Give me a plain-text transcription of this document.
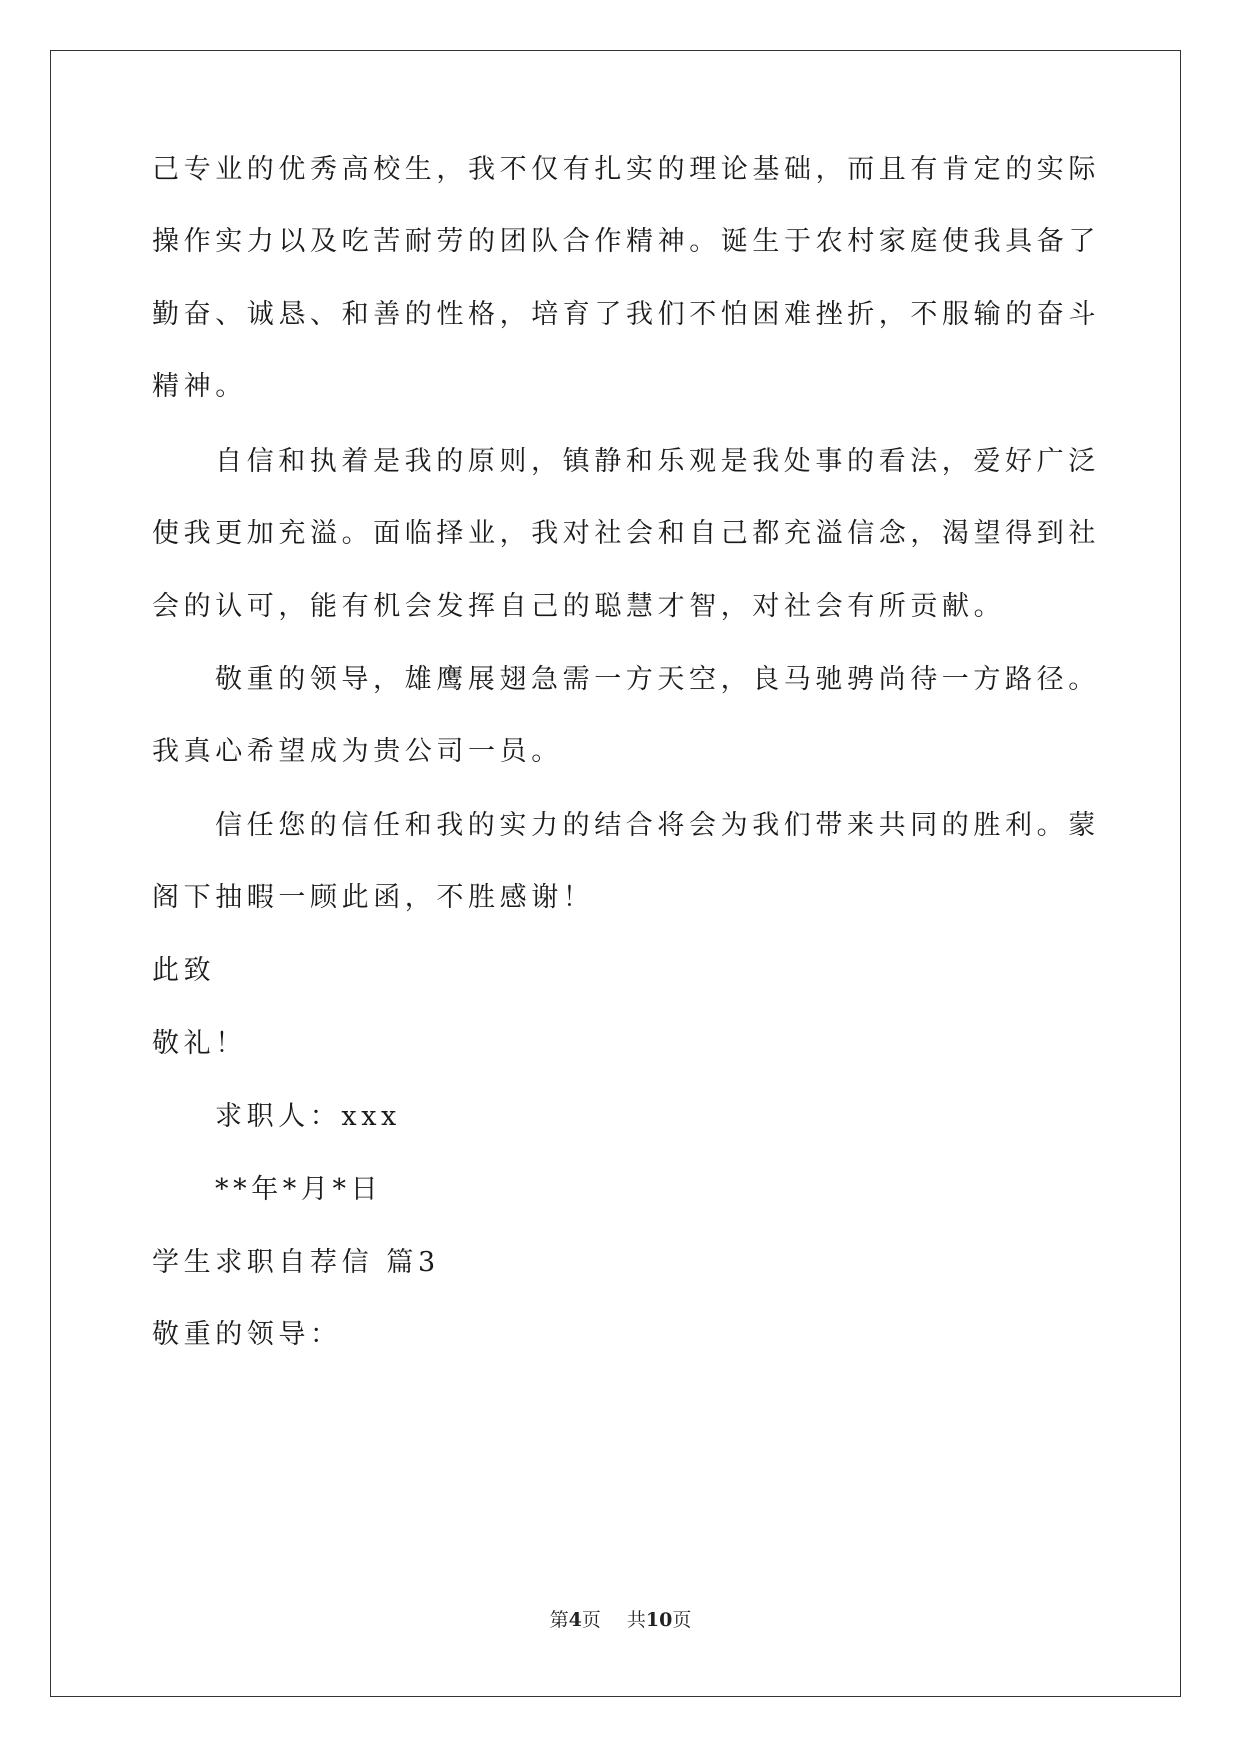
己专业的优秀高校生，我不仅有扎实的理论基础，而且有肯定的实际
操作实力以及吃苦耐劳的团队合作精神。诞生于农村家庭使我具备了
勤奋、诚恳、和善的性格，培育了我们不怕困难挫折，不服输的奋斗
精神。
自信和执着是我的原则，镇静和乐观是我处事的看法，爱好广泛
使我更加充溢。面临择业，我对社会和自己都充溢信念，渴望得到社
会的认可，能有机会发挥自己的聪慧才智，对社会有所贡献。
敬重的领导，雄鹰展翅急需一方天空，良马驰骋尚待一方路径。
我真心希望成为贵公司一员。
信任您的信任和我的实力的结合将会为我们带来共同的胜利。蒙
阁下抽暇一顾此函，不胜感谢！
此致
敬礼！
求职人：xxx
**年*月*日
学生求职自荐信 篇3
敬重的领导：
第4页 共10页
